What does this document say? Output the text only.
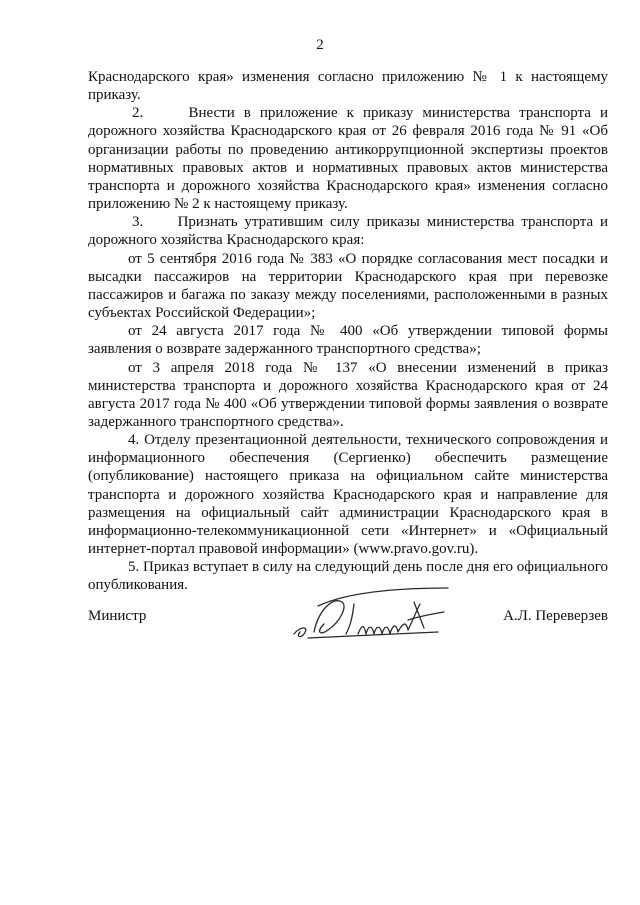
2

Краснодарского края» изменения согласно приложению № 1 к настоящему приказу.

2.     Внести в приложение к приказу министерства транспорта и дорожного хозяйства Краснодарского края от 26 февраля 2016 года № 91 «Об организации работы по проведению антикоррупционной экспертизы проектов нормативных правовых актов и нормативных правовых актов министерства транспорта и дорожного хозяйства Краснодарского края» изменения согласно приложению № 2 к настоящему приказу.

3.     Признать утратившим силу приказы министерства транспорта и дорожного хозяйства Краснодарского края:

от 5 сентября 2016 года № 383 «О порядке согласования мест посадки и высадки пассажиров на территории Краснодарского края при перевозке пассажиров и багажа по заказу между поселениями, расположенными в разных субъектах Российской Федерации»;

от 24 августа 2017 года № 400 «Об утверждении типовой формы заявления о возврате задержанного транспортного средства»;

от 3 апреля 2018 года № 137 «О внесении изменений в приказ министерства транспорта и дорожного хозяйства Краснодарского края от 24 августа 2017 года № 400 «Об утверждении типовой формы заявления о возврате задержанного транспортного средства».

4. Отделу презентационной деятельности, технического сопровождения и информационного обеспечения (Сергиенко) обеспечить размещение (опубликование) настоящего приказа на официальном сайте министерства транспорта и дорожного хозяйства Краснодарского края и направление для размещения на официальный сайт администрации Краснодарского края в информационно-телекоммуникационной сети «Интернет» и «Официальный интернет-портал правовой информации» (www.pravo.gov.ru).

5. Приказ вступает в силу на следующий день после дня его официального опубликования.

Министр	А.Л. Переверзев
